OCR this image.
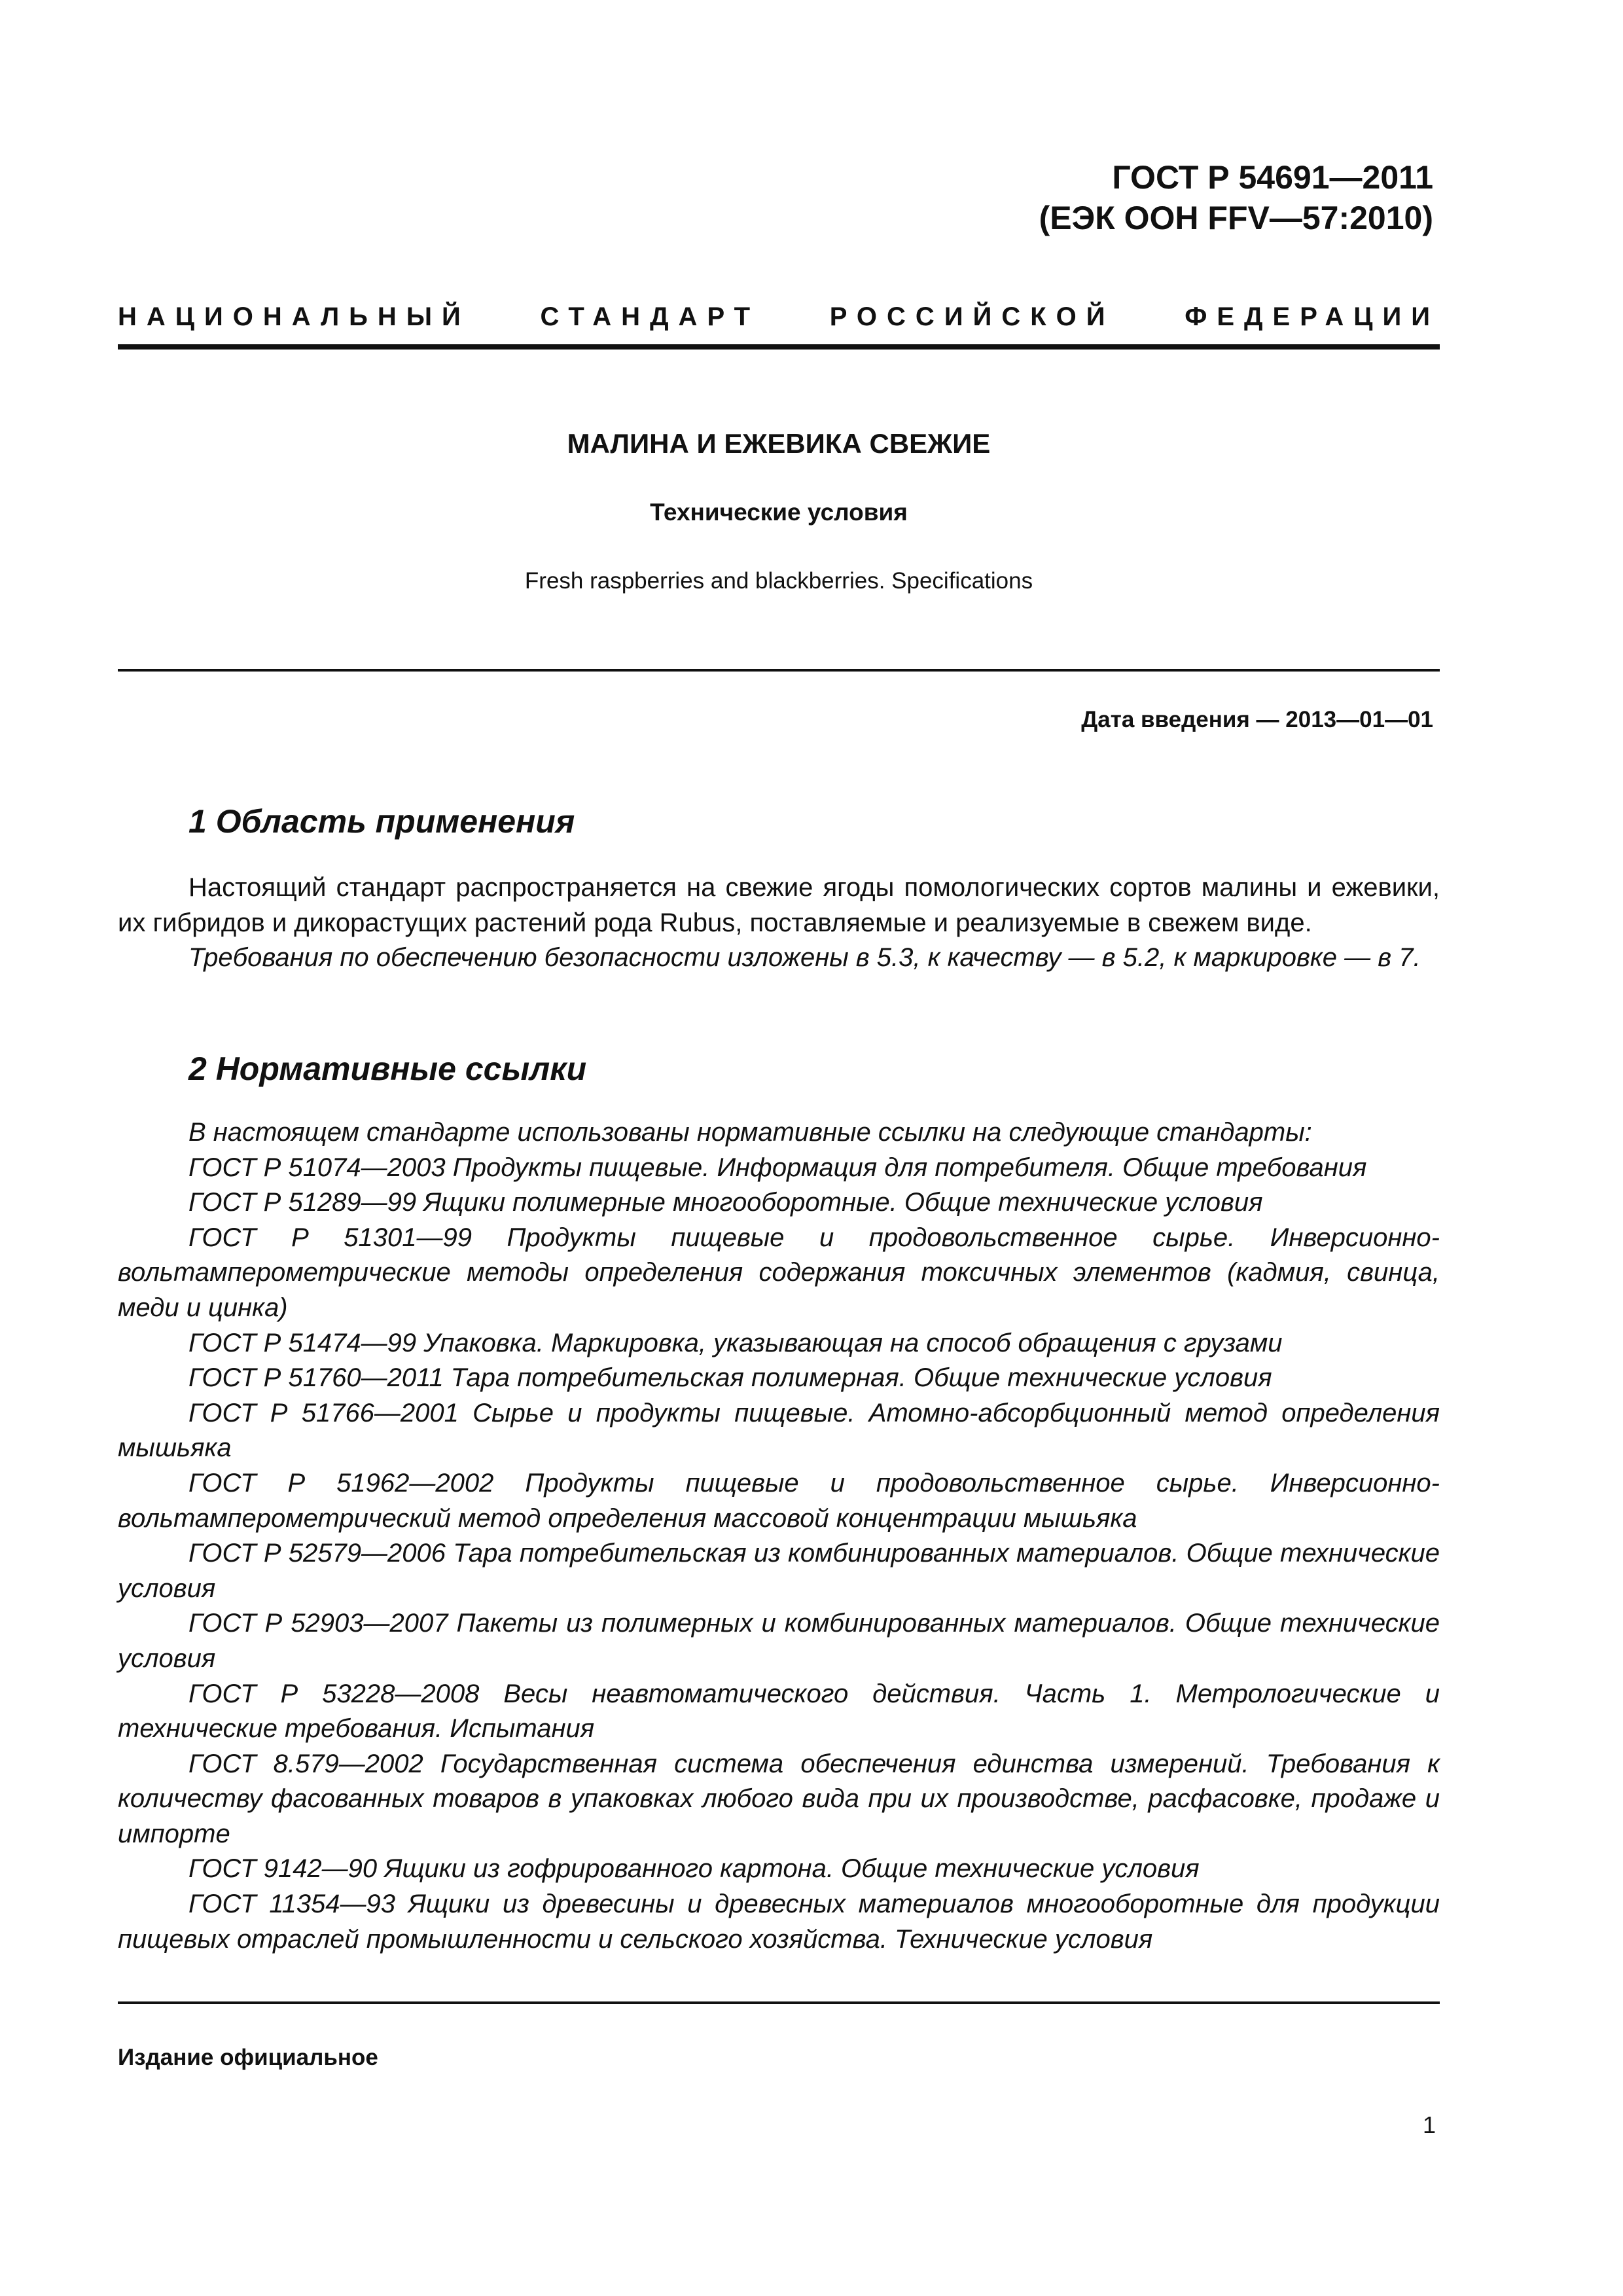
ГОСТ Р 54691—2011
(ЕЭК ООН FFV—57:2010)
НАЦИОНАЛЬНЫЙ	СТАНДАРТ	РОССИЙСКОЙ	ФЕДЕРАЦИИ
МАЛИНА И ЕЖЕВИКА СВЕЖИЕ
Технические условия
Fresh raspberries and blackberries. Specifications
Дата введения — 2013—01—01
1 Область применения

Настоящий стандарт распространяется на свежие ягоды помологических сортов малины и ежевики, их гибридов и дикорастущих растений рода Rubus, поставляемые и реализуемые в свежем виде.

Требования по обеспечению безопасности изложены в 5.3, к качеству — в 5.2, к маркировке — в 7.

2 Нормативные ссылки

В настоящем стандарте использованы нормативные ссылки на следующие стандарты:

ГОСТ Р 51074—2003 Продукты пищевые. Информация для потребителя. Общие требования

ГОСТ Р 51289—99 Ящики полимерные многооборотные. Общие технические условия

ГОСТ Р 51301—99 Продукты пищевые и продовольственное сырье. Инверсионно-вольтамперометрические методы определения содержания токсичных элементов (кадмия, свинца, меди и цинка)

ГОСТ Р 51474—99 Упаковка. Маркировка, указывающая на способ обращения с грузами

ГОСТ Р 51760—2011 Тара потребительская полимерная. Общие технические условия

ГОСТ Р 51766—2001 Сырье и продукты пищевые. Атомно-абсорбционный метод определения мышьяка

ГОСТ Р 51962—2002 Продукты пищевые и продовольственное сырье. Инверсионно-вольтамперометрический метод определения массовой концентрации мышьяка

ГОСТ Р 52579—2006 Тара потребительская из комбинированных материалов. Общие технические условия

ГОСТ Р 52903—2007 Пакеты из полимерных и комбинированных материалов. Общие технические условия

ГОСТ Р 53228—2008 Весы неавтоматического действия. Часть 1. Метрологические и технические требования. Испытания

ГОСТ 8.579—2002 Государственная система обеспечения единства измерений. Требования к количеству фасованных товаров в упаковках любого вида при их производстве, расфасовке, продаже и импорте

ГОСТ 9142—90 Ящики из гофрированного картона. Общие технические условия

ГОСТ 11354—93 Ящики из древесины и древесных материалов многооборотные для продукции пищевых отраслей промышленности и сельского хозяйства. Технические условия

Издание официальное
1
